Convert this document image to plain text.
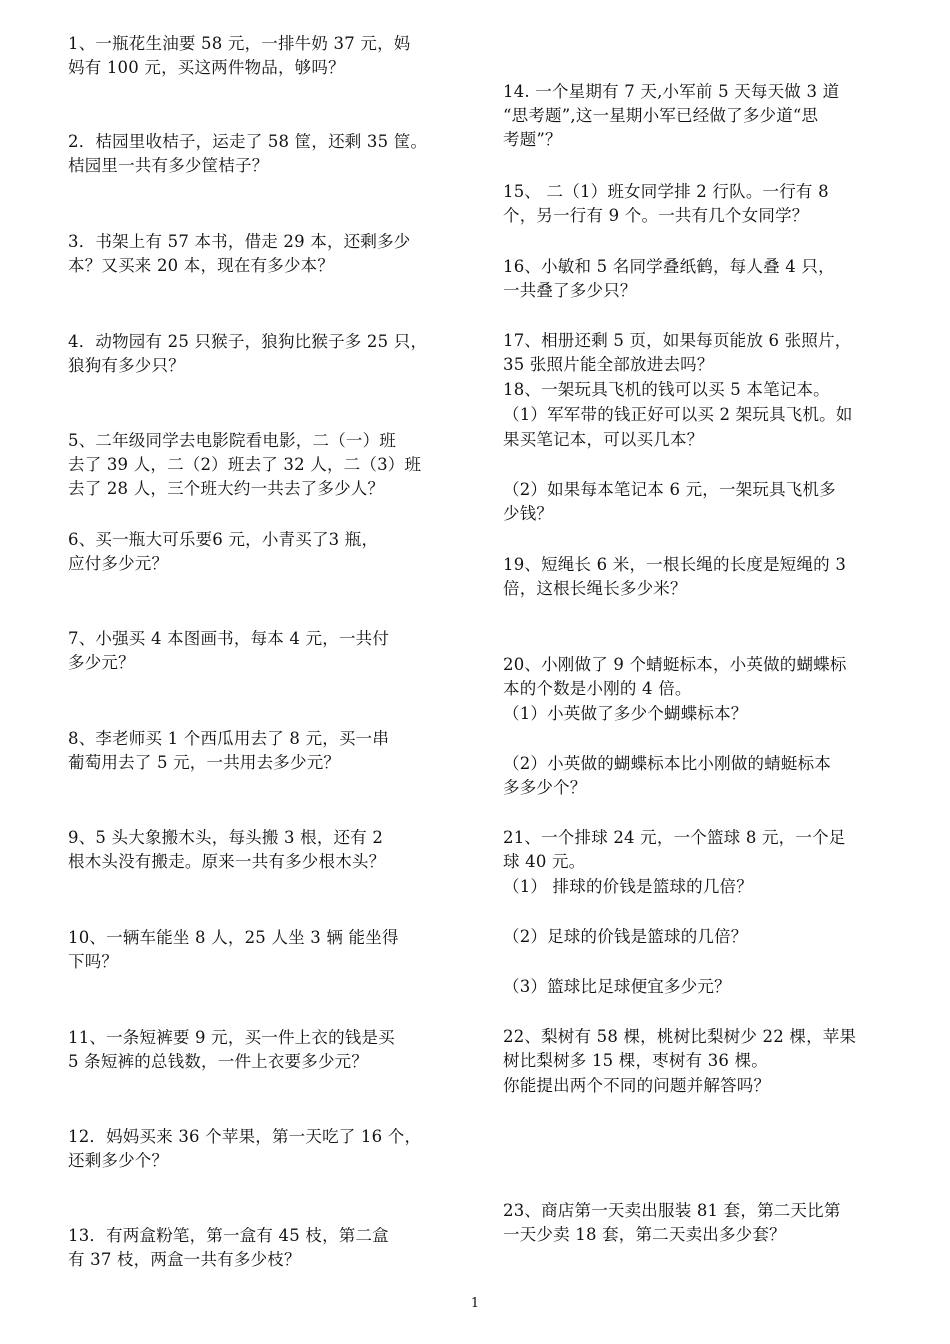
1、一瓶花生油要 58 元，一排牛奶 37 元，妈
妈有 100 元，买这两件物品，够吗？
2．桔园里收桔子，运走了 58 筐，还剩 35 筐。
桔园里一共有多少筐桔子？
3．书架上有 57 本书，借走 29 本，还剩多少
本？又买来 20 本，现在有多少本？
4．动物园有 25 只猴子，狼狗比猴子多 25 只，
狼狗有多少只？
5、二年级同学去电影院看电影，二（一）班
去了 39 人，二（2）班去了 32 人，二（3）班
去了 28 人，三个班大约一共去了多少人？
6、买一瓶大可乐要6 元，小青买了3 瓶，
应付多少元？
7、小强买 4 本图画书，每本 4 元，一共付
多少元？
8、李老师买 1 个西瓜用去了 8 元，买一串
葡萄用去了 5 元，一共用去多少元？
9、5 头大象搬木头，每头搬 3 根，还有 2
根木头没有搬走。原来一共有多少根木头？
10、一辆车能坐 8 人，25 人坐 3 辆 能坐得
下吗？
11、一条短裤要 9 元，买一件上衣的钱是买
5 条短裤的总钱数，一件上衣要多少元？
12．妈妈买来 36 个苹果，第一天吃了 16 个，
还剩多少个？
13．有两盒粉笔，第一盒有 45 枝，第二盒
有 37 枝，两盒一共有多少枝？
14. 一个星期有 7 天,小军前 5 天每天做 3 道
“思考题”,这一星期小军已经做了多少道“思
考题”？
15、 二（1）班女同学排 2 行队。一行有 8
个，另一行有 9 个。一共有几个女同学？
16、小敏和 5 名同学叠纸鹤，每人叠 4 只，
一共叠了多少只？
17、相册还剩 5 页，如果每页能放 6 张照片，
35 张照片能全部放进去吗？
18、一架玩具飞机的钱可以买 5 本笔记本。
（1）军军带的钱正好可以买 2 架玩具飞机。如
果买笔记本，可以买几本？
（2）如果每本笔记本 6 元，一架玩具飞机多
少钱？
19、短绳长 6 米，一根长绳的长度是短绳的 3
倍，这根长绳长多少米？
20、小刚做了 9 个蜻蜓标本，小英做的蝴蝶标
本的个数是小刚的 4 倍。
（1）小英做了多少个蝴蝶标本？
（2）小英做的蝴蝶标本比小刚做的蜻蜓标本
多多少个？
21、一个排球 24 元，一个篮球 8 元，一个足
球 40 元。
（1） 排球的价钱是篮球的几倍？
（2）足球的价钱是篮球的几倍？
（3）篮球比足球便宜多少元？
22、梨树有 58 棵，桃树比梨树少 22 棵，苹果
树比梨树多 15 棵，枣树有 36 棵。
你能提出两个不同的问题并解答吗？
23、商店第一天卖出服装 81 套，第二天比第
一天少卖 18 套，第二天卖出多少套？
1
